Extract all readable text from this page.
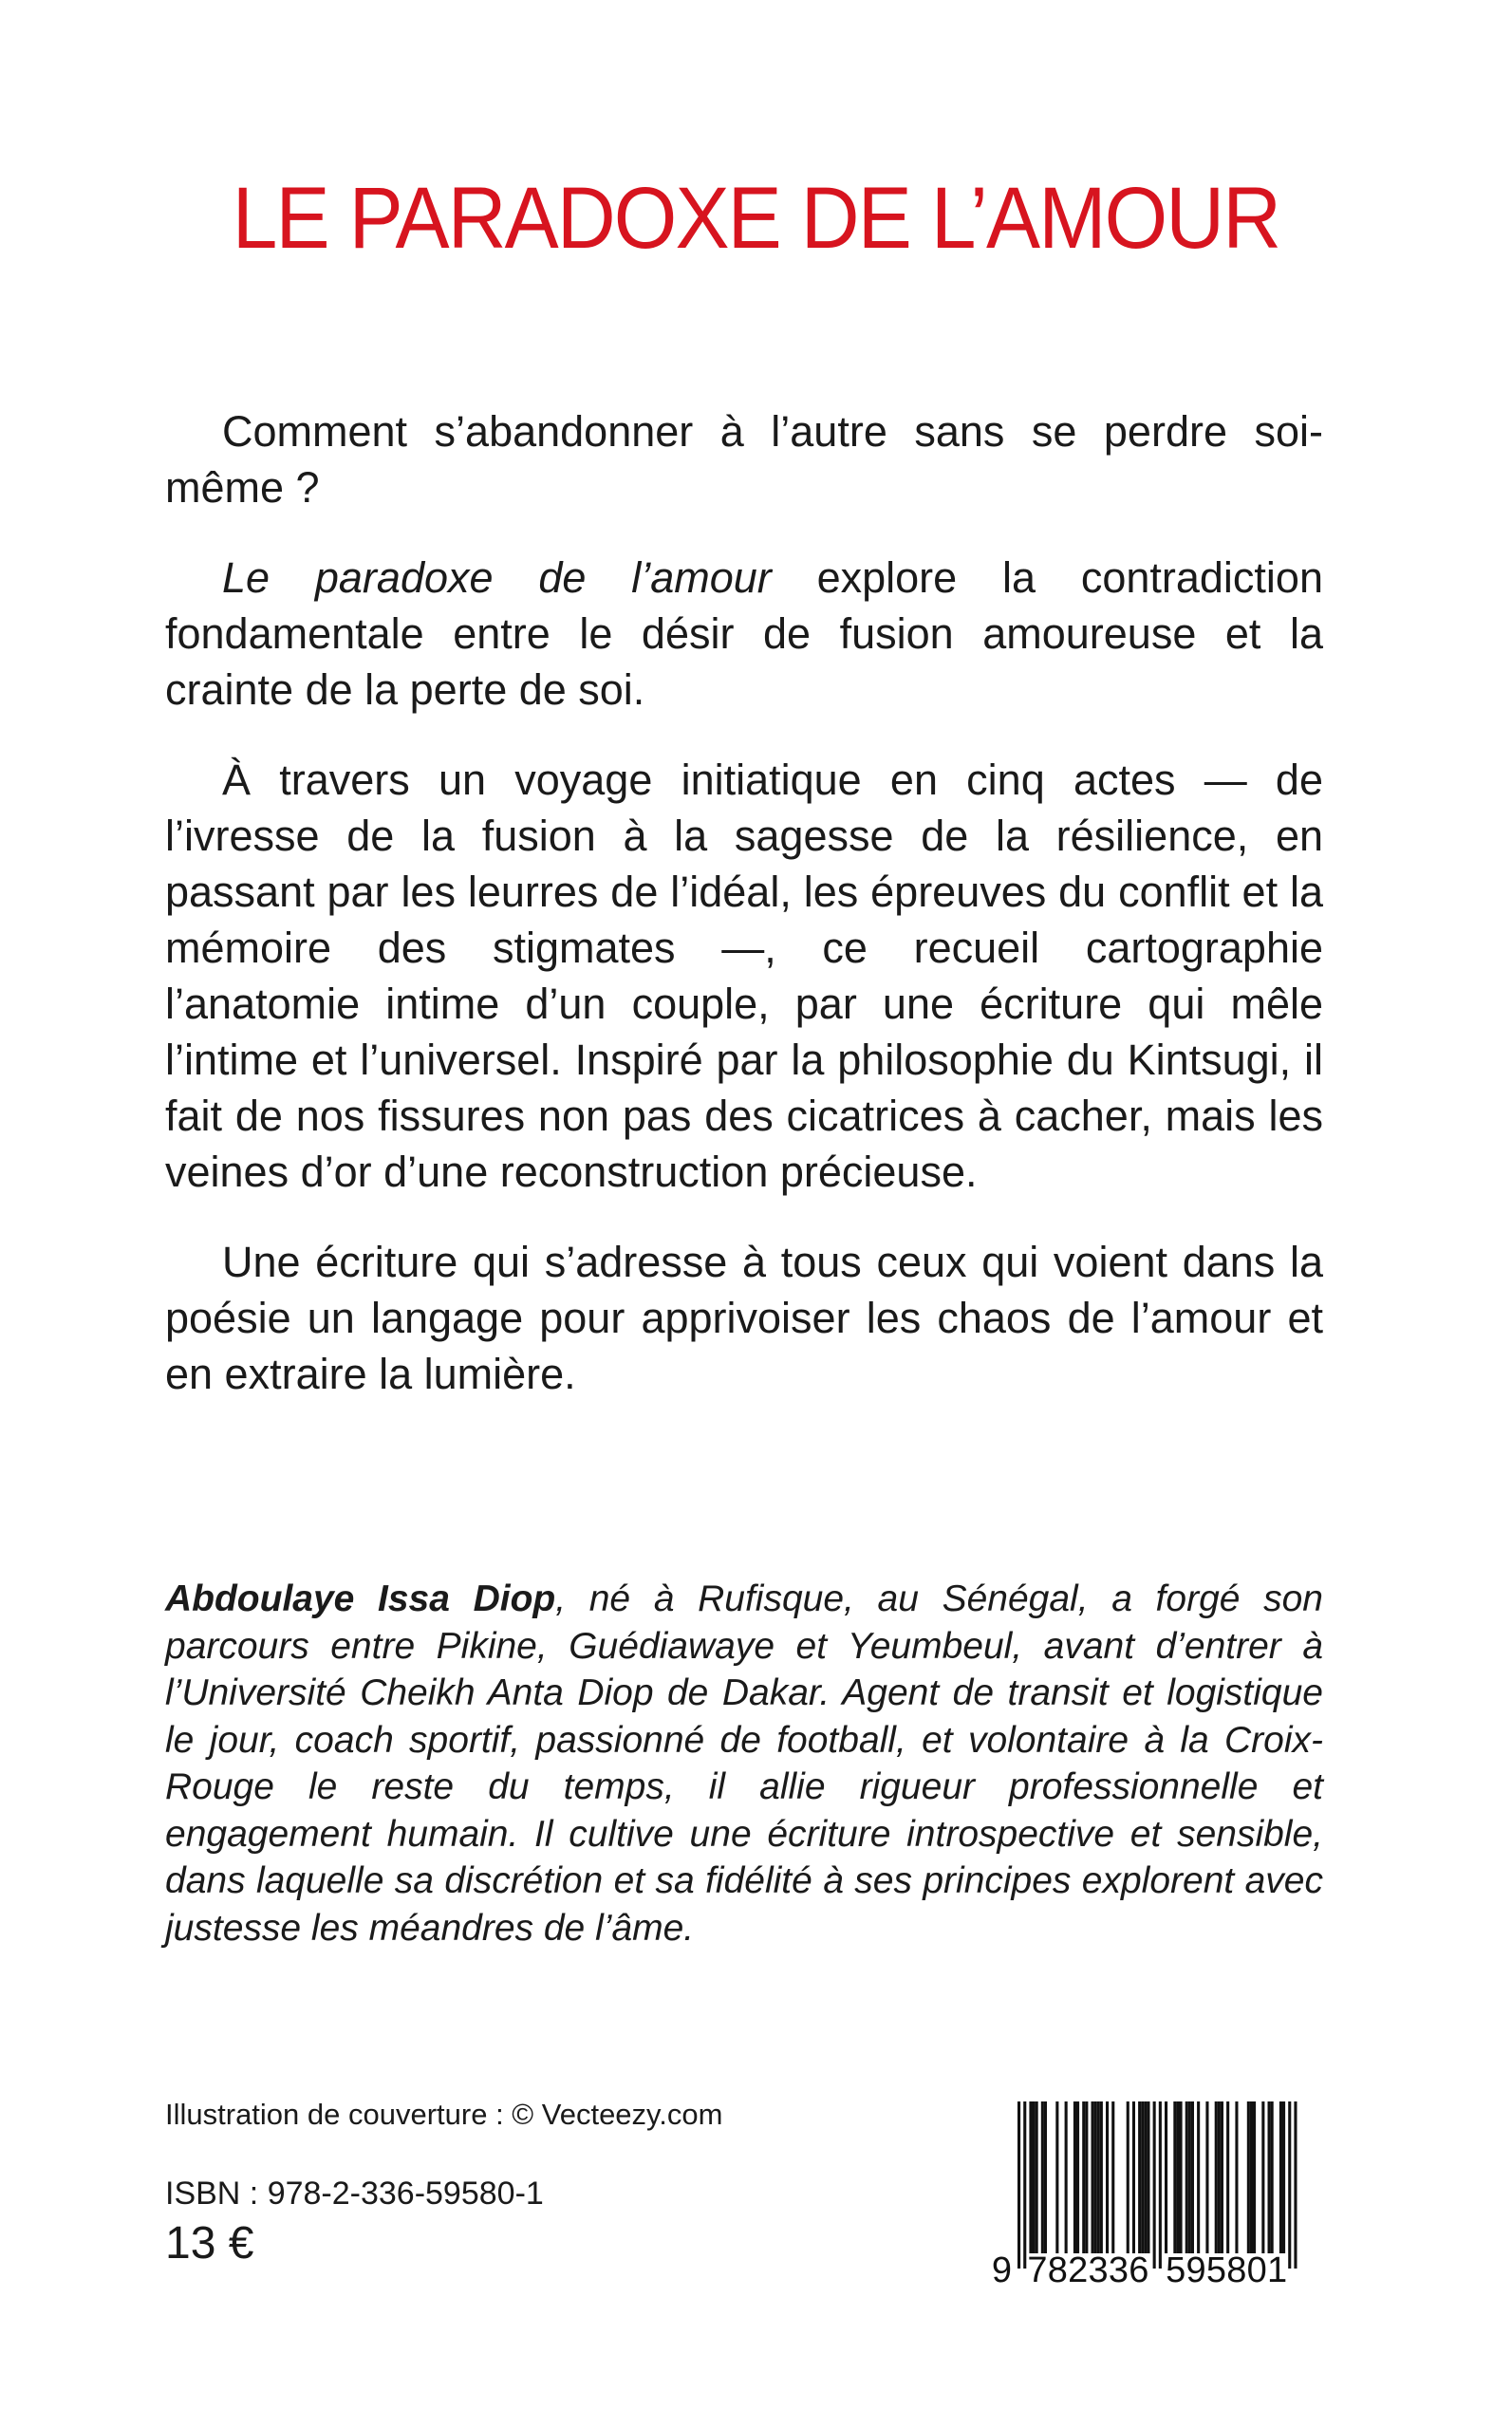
LE PARADOXE DE L’AMOUR

Comment s’abandonner à l’autre sans se perdre soi-même ?

Le paradoxe de l’amour explore la contradiction fondamentale entre le désir de fusion amoureuse et la crainte de la perte de soi.

À travers un voyage initiatique en cinq actes — de l’ivresse de la fusion à la sagesse de la résilience, en passant par les leurres de l’idéal, les épreuves du conflit et la mémoire des stigmates —, ce recueil cartographie l’anatomie intime d’un couple, par une écriture qui mêle l’intime et l’universel. Inspiré par la philosophie du Kintsugi, il fait de nos fissures non pas des cicatrices à cacher, mais les veines d’or d’une reconstruction précieuse.

Une écriture qui s’adresse à tous ceux qui voient dans la poésie un langage pour apprivoiser les chaos de l’amour et en extraire la lumière.

Abdoulaye Issa Diop, né à Rufisque, au Sénégal, a forgé son parcours entre Pikine, Guédiawaye et Yeumbeul, avant d’entrer à l’Université Cheikh Anta Diop de Dakar. Agent de transit et logistique le jour, coach sportif, passionné de football, et volontaire à la Croix-Rouge le reste du temps, il allie rigueur professionnelle et engagement humain. Il cultive une écriture introspective et sensible, dans laquelle sa discrétion et sa fidélité à ses principes explorent avec justesse les méandres de l’âme.
Illustration de couverture : © Vecteezy.com
ISBN : 978-2-336-59580-1
13 €
9 782336 595801
